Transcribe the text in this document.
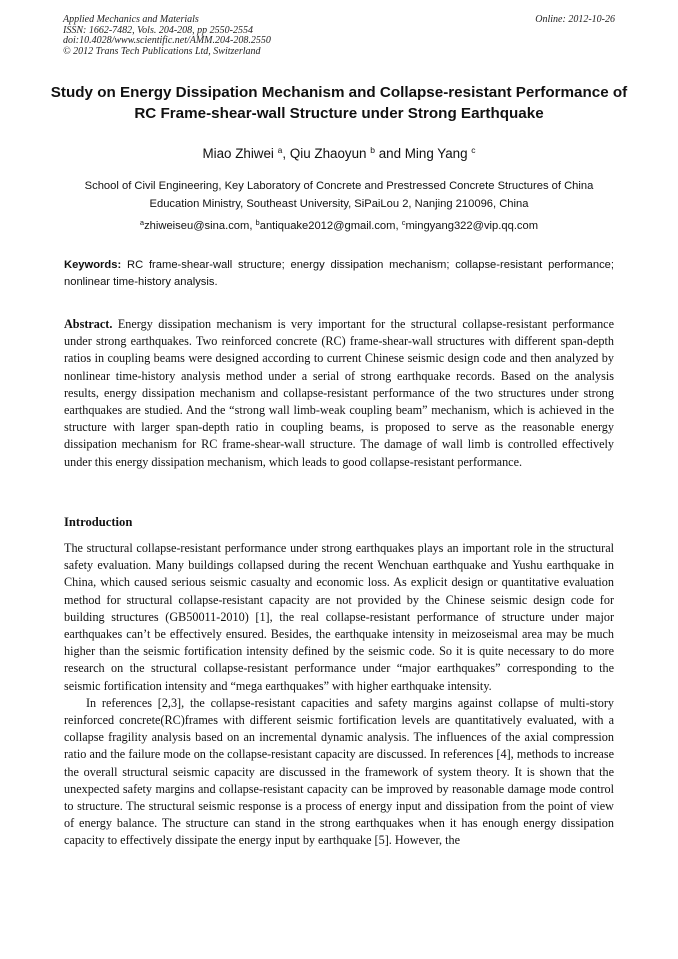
Applied Mechanics and Materials
ISSN: 1662-7482, Vols. 204-208, pp 2550-2554
doi:10.4028/www.scientific.net/AMM.204-208.2550
© 2012 Trans Tech Publications Ltd, Switzerland
Online: 2012-10-26
Study on Energy Dissipation Mechanism and Collapse-resistant Performance of RC Frame-shear-wall Structure under Strong Earthquake
Miao Zhiwei $^a$, Qiu Zhaoyun $^b$ and Ming Yang $^c$
School of Civil Engineering, Key Laboratory of Concrete and Prestressed Concrete Structures of China Education Ministry, Southeast University, SiPaiLou 2, Nanjing 210096, China
$^a$zhiweiseu@sina.com, $^b$antiquake2012@gmail.com, $^c$mingyang322@vip.qq.com
Keywords: RC frame-shear-wall structure; energy dissipation mechanism; collapse-resistant performance; nonlinear time-history analysis.
Abstract. Energy dissipation mechanism is very important for the structural collapse-resistant performance under strong earthquakes. Two reinforced concrete (RC) frame-shear-wall structures with different span-depth ratios in coupling beams were designed according to current Chinese seismic design code and then analyzed by nonlinear time-history analysis method under a serial of strong earthquake records. Based on the analysis results, energy dissipation mechanism and collapse-resistant performance of the two structures under strong earthquakes are studied. And the “strong wall limb-weak coupling beam” mechanism, which is achieved in the structure with larger span-depth ratio in coupling beams, is proposed to serve as the reasonable energy dissipation mechanism for RC frame-shear-wall structure. The damage of wall limb is controlled effectively under this energy dissipation mechanism, which leads to good collapse-resistant performance.
Introduction

The structural collapse-resistant performance under strong earthquakes plays an important role in the structural safety evaluation. Many buildings collapsed during the recent Wenchuan earthquake and Yushu earthquake in China, which caused serious seismic casualty and economic loss. As explicit design or quantitative evaluation method for structural collapse-resistant capacity are not provided by the Chinese seismic design code for building structures (GB50011-2010) [1], the real collapse-resistant performance of structure under major earthquakes can’t be effectively ensured. Besides, the earthquake intensity in meizoseismal area may be much higher than the seismic fortification intensity defined by the seismic code. So it is quite necessary to do more research on the structural collapse-resistant performance under “major earthquakes” corresponding to the seismic fortification intensity and “mega earthquakes” with higher earthquake intensity.

In references [2,3], the collapse-resistant capacities and safety margins against collapse of multi-story reinforced concrete(RC)frames with different seismic fortification levels are quantitatively evaluated, with a collapse fragility analysis based on an incremental dynamic analysis. The influences of the axial compression ratio and the failure mode on the collapse-resistant capacity are discussed. In references [4], methods to increase the overall structural seismic capacity are discussed in the framework of system theory. It is shown that the unexpected safety margins and collapse-resistant capacity can be improved by reasonable damage mode control to structure. The structural seismic response is a process of energy input and dissipation from the point of view of energy balance. The structure can stand in the strong earthquakes when it has enough energy dissipation capacity to effectively dissipate the energy input by earthquake [5]. However, the
